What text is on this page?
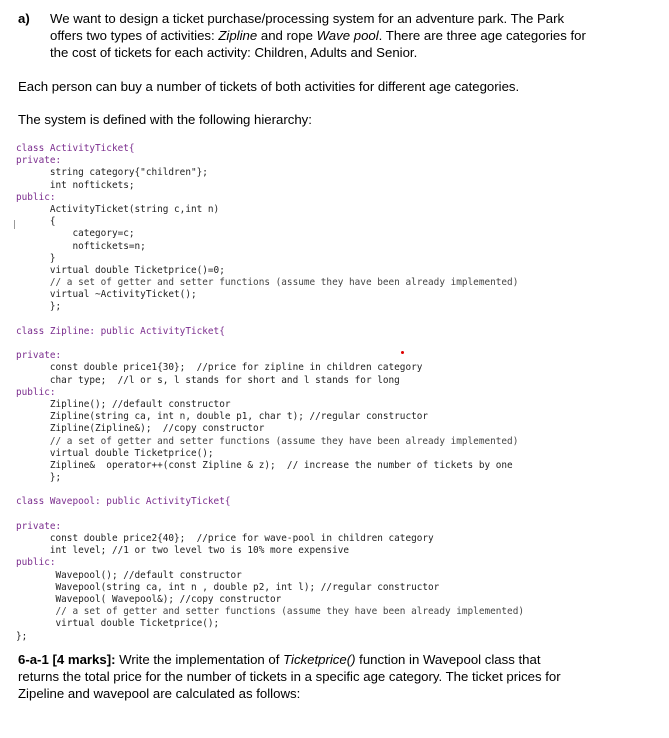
a) We want to design a ticket purchase/processing system for an adventure park. The Park
offers two types of activities: Zipline and rope Wave pool. There are three age categories for
the cost of tickets for each activity: Children, Adults and Senior.
Each person can buy a number of tickets of both activities for different age categories.
The system is defined with the following hierarchy:
class ActivityTicket{
private:
string category{"children"};
int noftickets;
public:
ActivityTicket(string c,int n)
{
category=c;
noftickets=n;
}
virtual double Ticketprice()=0;
// a set of getter and setter functions (assume they have been already implemented)
virtual ~ActivityTicket();
};
class Zipline: public ActivityTicket{
private:
const double price1{30};  //price for zipline in children category
char type;  //l or s, l stands for short and l stands for long
public:
Zipline(); //default constructor
Zipline(string ca, int n, double p1, char t); //regular constructor
Zipline(Zipline&);  //copy constructor
// a set of getter and setter functions (assume they have been already implemented)
virtual double Ticketprice();
Zipline&  operator++(const Zipline & z);  // increase the number of tickets by one
};
class Wavepool: public ActivityTicket{
private:
const double price2{40};  //price for wave-pool in children category
int level; //1 or two level two is 10% more expensive
public:
Wavepool(); //default constructor
Wavepool(string ca, int n , double p2, int l); //regular constructor
Wavepool( Wavepool&); //copy constructor
// a set of getter and setter functions (assume they have been already implemented)
virtual double Ticketprice();
};
6-a-1 [4 marks]: Write the implementation of Ticketprice() function in Wavepool class that
returns the total price for the number of tickets in a specific age category. The ticket prices for
Zipeline and wavepool are calculated as follows:
